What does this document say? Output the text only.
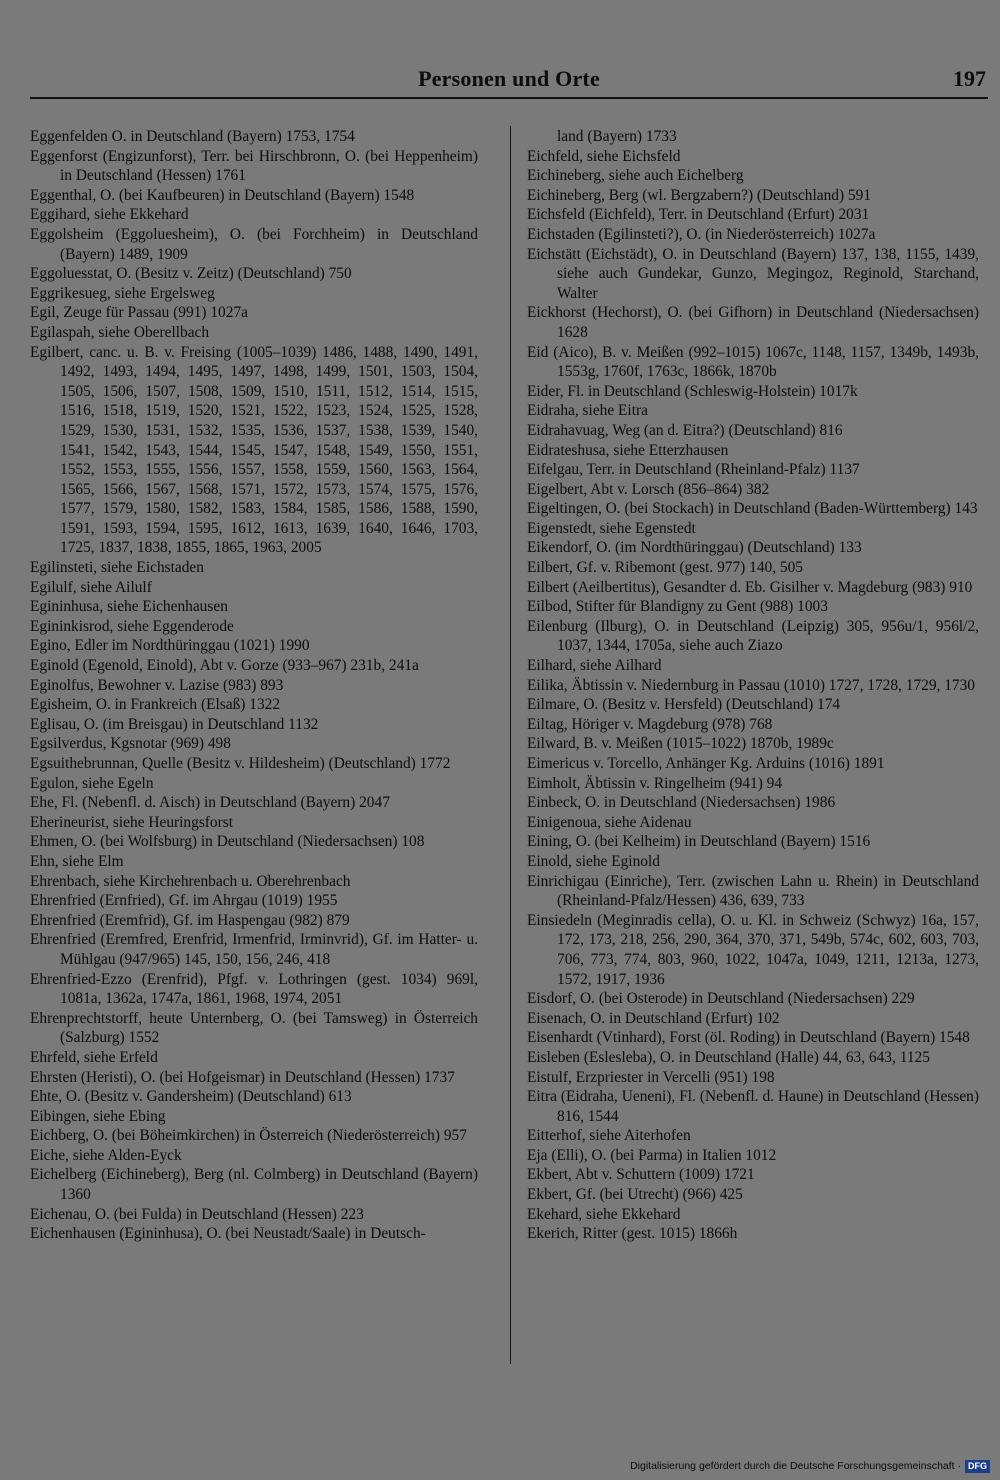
Personen und Orte	197

Eggenfelden O. in Deutschland (Bayern) 1753, 1754

Eggenforst (Engizunforst), Terr. bei Hirschbronn, O. (bei Heppenheim) in Deutschland (Hessen) 1761

Eggenthal, O. (bei Kaufbeuren) in Deutschland (Bayern) 1548

Eggihard, siehe Ekkehard

Eggolsheim (Eggoluesheim), O. (bei Forchheim) in Deutschland (Bayern) 1489, 1909

Eggoluesstat, O. (Besitz v. Zeitz) (Deutschland) 750

Eggrikesueg, siehe Ergelsweg

Egil, Zeuge für Passau (991) 1027a

Egilaspah, siehe Oberellbach

Egilbert, canc. u. B. v. Freising (1005–1039) 1486, 1488, 1490, 1491, 1492, 1493, 1494, 1495, 1497, 1498, 1499, 1501, 1503, 1504, 1505, 1506, 1507, 1508, 1509, 1510, 1511, 1512, 1514, 1515, 1516, 1518, 1519, 1520, 1521, 1522, 1523, 1524, 1525, 1528, 1529, 1530, 1531, 1532, 1535, 1536, 1537, 1538, 1539, 1540, 1541, 1542, 1543, 1544, 1545, 1547, 1548, 1549, 1550, 1551, 1552, 1553, 1555, 1556, 1557, 1558, 1559, 1560, 1563, 1564, 1565, 1566, 1567, 1568, 1571, 1572, 1573, 1574, 1575, 1576, 1577, 1579, 1580, 1582, 1583, 1584, 1585, 1586, 1588, 1590, 1591, 1593, 1594, 1595, 1612, 1613, 1639, 1640, 1646, 1703, 1725, 1837, 1838, 1855, 1865, 1963, 2005

Egilinsteti, siehe Eichstaden

Egilulf, siehe Ailulf

Egininhusa, siehe Eichenhausen

Egininkisrod, siehe Eggenderode

Egino, Edler im Nordthüringgau (1021) 1990

Eginold (Egenold, Einold), Abt v. Gorze (933–967) 231b, 241a

Eginolfus, Bewohner v. Lazise (983) 893

Egisheim, O. in Frankreich (Elsaß) 1322

Eglisau, O. (im Breisgau) in Deutschland 1132

Egsilverdus, Kgsnotar (969) 498

Egsuithebrunnan, Quelle (Besitz v. Hildesheim) (Deutschland) 1772

Egulon, siehe Egeln

Ehe, Fl. (Nebenfl. d. Aisch) in Deutschland (Bayern) 2047

Eherineurist, siehe Heuringsforst

Ehmen, O. (bei Wolfsburg) in Deutschland (Niedersachsen) 108

Ehn, siehe Elm

Ehrenbach, siehe Kirchehrenbach u. Oberehrenbach

Ehrenfried (Ernfried), Gf. im Ahrgau (1019) 1955

Ehrenfried (Eremfrid), Gf. im Haspengau (982) 879

Ehrenfried (Eremfred, Erenfrid, Irmenfrid, Irminvrid), Gf. im Hatter- u. Mühlgau (947/965) 145, 150, 156, 246, 418

Ehrenfried-Ezzo (Erenfrid), Pfgf. v. Lothringen (gest. 1034) 969l, 1081a, 1362a, 1747a, 1861, 1968, 1974, 2051

Ehrenprechtstorff, heute Unternberg, O. (bei Tamsweg) in Österreich (Salzburg) 1552

Ehrfeld, siehe Erfeld

Ehrsten (Heristi), O. (bei Hofgeismar) in Deutschland (Hessen) 1737

Ehte, O. (Besitz v. Gandersheim) (Deutschland) 613

Eibingen, siehe Ebing

Eichberg, O. (bei Böheimkirchen) in Österreich (Niederösterreich) 957

Eiche, siehe Alden-Eyck

Eichelberg (Eichineberg), Berg (nl. Colmberg) in Deutschland (Bayern) 1360

Eichenau, O. (bei Fulda) in Deutschland (Hessen) 223

Eichenhausen (Egininhusa), O. (bei Neustadt/Saale) in Deutsch-

land (Bayern) 1733

Eichfeld, siehe Eichsfeld

Eichineberg, siehe auch Eichelberg

Eichineberg, Berg (wl. Bergzabern?) (Deutschland) 591

Eichsfeld (Eichfeld), Terr. in Deutschland (Erfurt) 2031

Eichstaden (Egilinsteti?), O. (in Niederösterreich) 1027a

Eichstätt (Eichstädt), O. in Deutschland (Bayern) 137, 138, 1155, 1439, siehe auch Gundekar, Gunzo, Megingoz, Reginold, Starchand, Walter

Eickhorst (Hechorst), O. (bei Gifhorn) in Deutschland (Niedersachsen) 1628

Eid (Aico), B. v. Meißen (992–1015) 1067c, 1148, 1157, 1349b, 1493b, 1553g, 1760f, 1763c, 1866k, 1870b

Eider, Fl. in Deutschland (Schleswig-Holstein) 1017k

Eidraha, siehe Eitra

Eidrahavuag, Weg (an d. Eitra?) (Deutschland) 816

Eidrateshusa, siehe Etterzhausen

Eifelgau, Terr. in Deutschland (Rheinland-Pfalz) 1137

Eigelbert, Abt v. Lorsch (856–864) 382

Eigeltingen, O. (bei Stockach) in Deutschland (Baden-Württemberg) 143

Eigenstedt, siehe Egenstedt

Eikendorf, O. (im Nordthüringgau) (Deutschland) 133

Eilbert, Gf. v. Ribemont (gest. 977) 140, 505

Eilbert (Aeilbertitus), Gesandter d. Eb. Gisilher v. Magdeburg (983) 910

Eilbod, Stifter für Blandigny zu Gent (988) 1003

Eilenburg (Ilburg), O. in Deutschland (Leipzig) 305, 956u/1, 956l/2, 1037, 1344, 1705a, siehe auch Ziazo

Eilhard, siehe Ailhard

Eilika, Äbtissin v. Niedernburg in Passau (1010) 1727, 1728, 1729, 1730

Eilmare, O. (Besitz v. Hersfeld) (Deutschland) 174

Eiltag, Höriger v. Magdeburg (978) 768

Eilward, B. v. Meißen (1015–1022) 1870b, 1989c

Eimericus v. Torcello, Anhänger Kg. Arduins (1016) 1891

Eimholt, Äbtissin v. Ringelheim (941) 94

Einbeck, O. in Deutschland (Niedersachsen) 1986

Einigenoua, siehe Aidenau

Eining, O. (bei Kelheim) in Deutschland (Bayern) 1516

Einold, siehe Eginold

Einrichigau (Einriche), Terr. (zwischen Lahn u. Rhein) in Deutschland (Rheinland-Pfalz/Hessen) 436, 639, 733

Einsiedeln (Meginradis cella), O. u. Kl. in Schweiz (Schwyz) 16a, 157, 172, 173, 218, 256, 290, 364, 370, 371, 549b, 574c, 602, 603, 703, 706, 773, 774, 803, 960, 1022, 1047a, 1049, 1211, 1213a, 1273, 1572, 1917, 1936

Eisdorf, O. (bei Osterode) in Deutschland (Niedersachsen) 229

Eisenach, O. in Deutschland (Erfurt) 102

Eisenhardt (Vtinhard), Forst (öl. Roding) in Deutschland (Bayern) 1548

Eisleben (Eslesleba), O. in Deutschland (Halle) 44, 63, 643, 1125

Eistulf, Erzpriester in Vercelli (951) 198

Eitra (Eidraha, Ueneni), Fl. (Nebenfl. d. Haune) in Deutschland (Hessen) 816, 1544

Eitterhof, siehe Aiterhofen

Eja (Elli), O. (bei Parma) in Italien 1012

Ekbert, Abt v. Schuttern (1009) 1721

Ekbert, Gf. (bei Utrecht) (966) 425

Ekehard, siehe Ekkehard

Ekerich, Ritter (gest. 1015) 1866h

Digitalisierung gefördert durch die Deutsche Forschungsgemeinschaft · DFG
